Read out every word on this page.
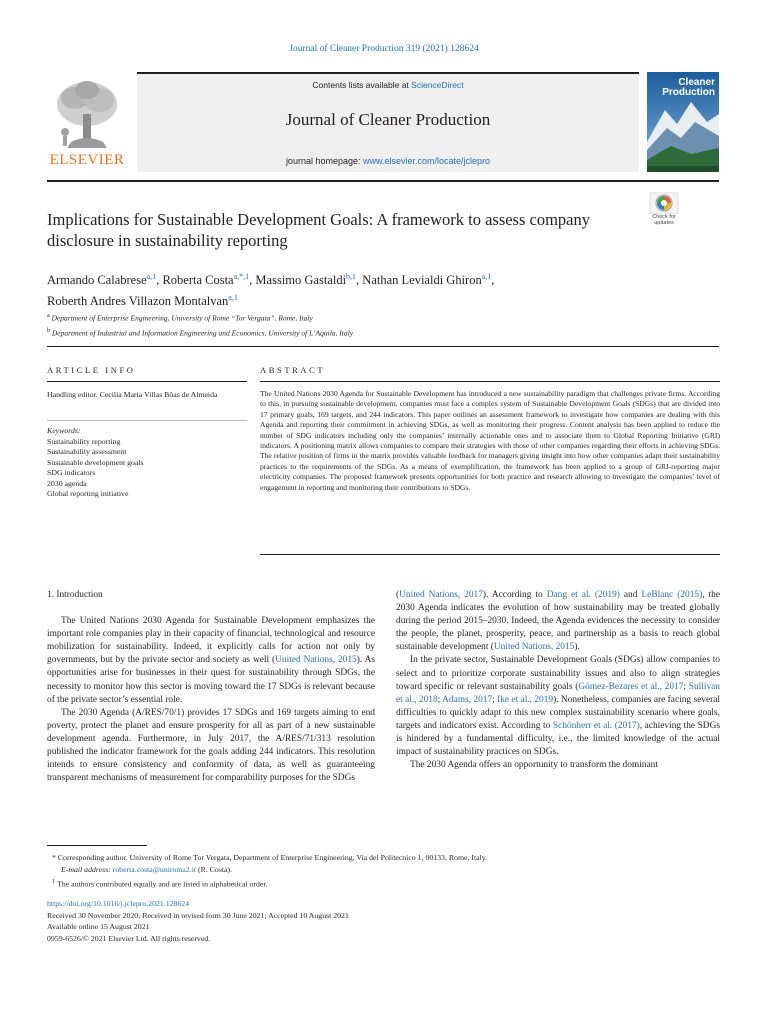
Journal of Cleaner Production 319 (2021) 128624
ELSEVIER
Contents lists available at ScienceDirect
Journal of Cleaner Production
journal homepage: www.elsevier.com/locate/jclepro
Cleaner
Production
Implications for Sustainable Development Goals: A framework to assess company disclosure in sustainability reporting
Check for updates
Armando Calabrese$^{a,1}$, Roberta Costa$^{a,*,1}$, Massimo Gastaldi$^{b,1}$, Nathan Levialdi Ghiron$^{a,1}$,
Roberth Andres Villazon Montalvan$^{a,1}$
$^a$ Department of Enterprise Engineering, University of Rome “Tor Vergata”, Rome, Italy
$^b$ Department of Industrial and Information Engineering and Economics, University of L’Aquila, Italy
ARTICLE INFO	ABSTRACT
Handling editor. Cecilia Maria Villas Bôas de Almeida
Keywords:
Sustainability reporting
Sustainability assessment
Sustainable development goals
SDG indicators
2030 agenda
Global reporting initiative

The United Nations 2030 Agenda for Sustainable Development has introduced a new sustainability paradigm that challenges private firms. According to this, in pursuing sustainable development, companies must face a complex system of Sustainable Development Goals (SDGs) that are divided into 17 primary goals, 169 targets, and 244 indicators. This paper outlines an assessment framework to investigate how companies are dealing with this Agenda and reporting their commitment in achieving SDGs, as well as monitoring their progress. Content analysis has been applied to reduce the number of SDG indicators including only the companies’ internally actionable ones and to associate them to Global Reporting Initiative (GRI) indicators. A positioning matrix allows companies to compare their strategies with those of other companies regarding their efforts in achieving SDGs. The relative position of firms in the matrix provides valuable feedback for managers giving insight into how other companies adapt their sustainability practices to the requirements of the SDGs. As a means of exemplification, the framework has been applied to a group of GRI-reporting major electricity companies. The proposed framework presents opportunities for both practice and research allowing to investigate the companies’ level of engagement in reporting and monitoring their contributions to SDGs.

1. Introduction

The United Nations 2030 Agenda for Sustainable Development emphasizes the important role companies play in their capacity of financial, technological and resource mobilization for sustainability. Indeed, it explicitly calls for action not only by governments, but by the private sector and society as well (United Nations, 2015). As opportunities arise for businesses in their quest for sustainability through SDGs, the necessity to monitor how this sector is moving toward the 17 SDGs is relevant because of the private sector’s essential role.

The 2030 Agenda (A/RES/70/1) provides 17 SDGs and 169 targets aiming to end poverty, protect the planet and ensure prosperity for all as part of a new sustainable development agenda. Furthermore, in July 2017, the A/RES/71/313 resolution published the indicator framework for the goals adding 244 indicators. This resolution intends to ensure consistency and conformity of data, as well as guaranteeing transparent mechanisms of measurement for comparability purposes for the SDGs

(United Nations, 2017). According to Dang et al. (2019) and LeBlanc (2015), the 2030 Agenda indicates the evolution of how sustainability may be treated globally during the period 2015–2030. Indeed, the Agenda evidences the necessity to consider the people, the planet, prosperity, peace, and partnership as a basis to reach global sustainable development (United Nations, 2015).

In the private sector, Sustainable Development Goals (SDGs) allow companies to select and to prioritize corporate sustainability issues and also to align strategies toward specific or relevant sustainability goals (Gómez-Bezares et al., 2017; Sullivan et al., 2018; Adams, 2017; Ike et al., 2019). Nonetheless, companies are facing several difficulties to quickly adapt to this new complex sustainability scenario where goals, targets and indicators exist. According to Schönherr et al. (2017), achieving the SDGs is hindered by a fundamental difficulty, i.e., the limited knowledge of the actual impact of sustainability practices on SDGs.

The 2030 Agenda offers an opportunity to transform the dominant

* Corresponding author. University of Rome Tor Vergata, Department of Enterprise Engineering, Via del Politecnico 1, 00133, Rome, Italy.
E-mail address: roberta.costa@uniroma2.it (R. Costa).
$^1$ The authors contributed equally and are listed in alphabetical order.
https://doi.org/10.1016/j.jclepro.2021.128624
Received 30 November 2020; Received in revised form 30 June 2021; Accepted 10 August 2021
Available online 15 August 2021
0959-6526/© 2021 Elsevier Ltd. All rights reserved.
